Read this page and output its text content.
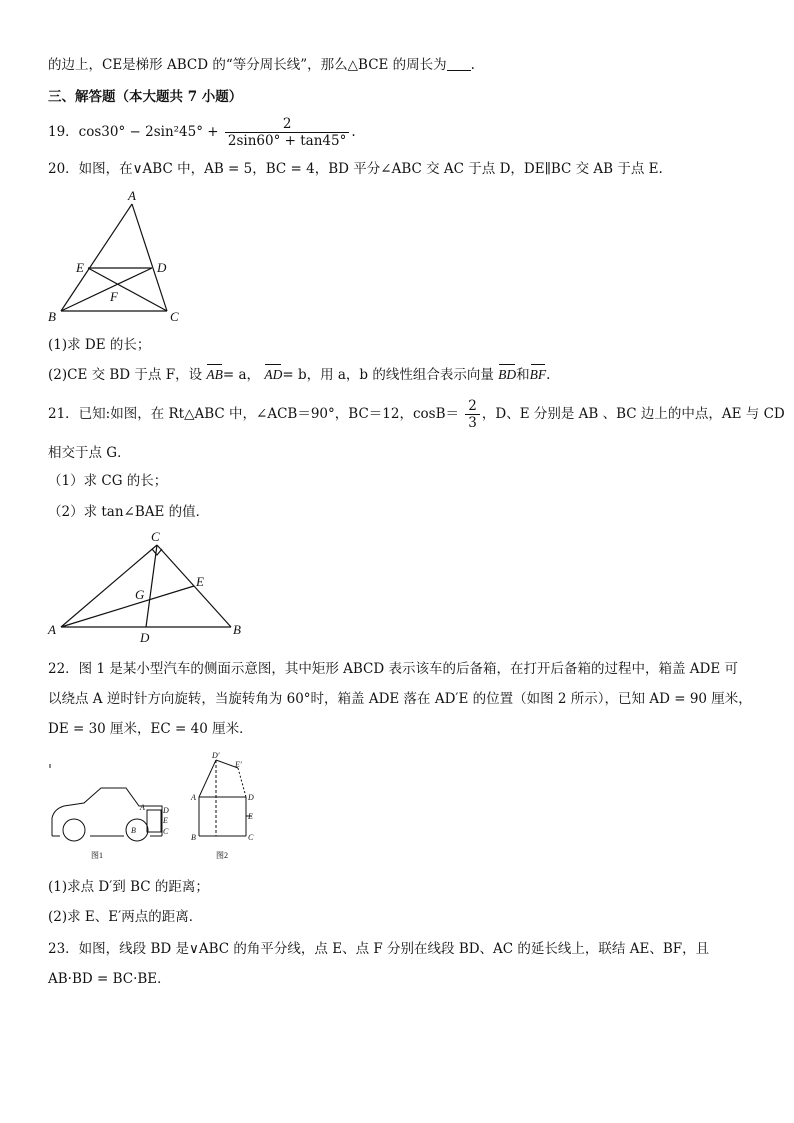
的边上，CE是梯形 ABCD 的“等分周长线”，那么△BCE 的周长为 .
三、解答题（本大题共 7 小题）
19．$\cos 30^\circ - 2\sin^245^\circ + \frac{2}{2\sin 60^\circ + \tan 45^\circ}$ .
20．如图，在∨ABC 中，AB = 5，BC = 4，BD 平分∠ABC 交 AC 于点 D，DE∥BC 交 AB 于点 E.
A
E	D
F
B	C
(1)求 DE 的长；
(2)CE 交 BD 于点 F，设 AB= a， AD= b，用 a，b 的线性组合表示向量 BD和BF.
21．已知:如图，在 Rt△ABC 中，∠ACB＝90°，BC＝12，$\cos B= \frac{2}{3}$ ，D、E 分别是 AB 、BC 边上的中点，AE 与 CD
相交于点 G．
（1）求 CG 的长；
（2）求 tan∠BAE 的值．
C
E
G
A
D
B
22．图 1 是某小型汽车的侧面示意图，其中矩形 ABCD 表示该车的后备箱，在打开后备箱的过程中，箱盖 ADE 可
以绕点 A 逆时针方向旋转，当旋转角为 60°时，箱盖 ADE 落在 AD′E 的位置（如图 2 所示），已知 AD = 90 厘米，
DE = 30 厘米，EC = 40 厘米．
A D
E
B	C
图1
D′
E′
A	D
E
B	C
图2
(1)求点 D′到 BC 的距离；
(2)求 E、E′两点的距离．
23．如图，线段 BD 是∨ABC 的角平分线，点 E、点 F 分别在线段 BD、AC 的延长线上，联结 AE、BF，且
AB·BD = BC·BE．
